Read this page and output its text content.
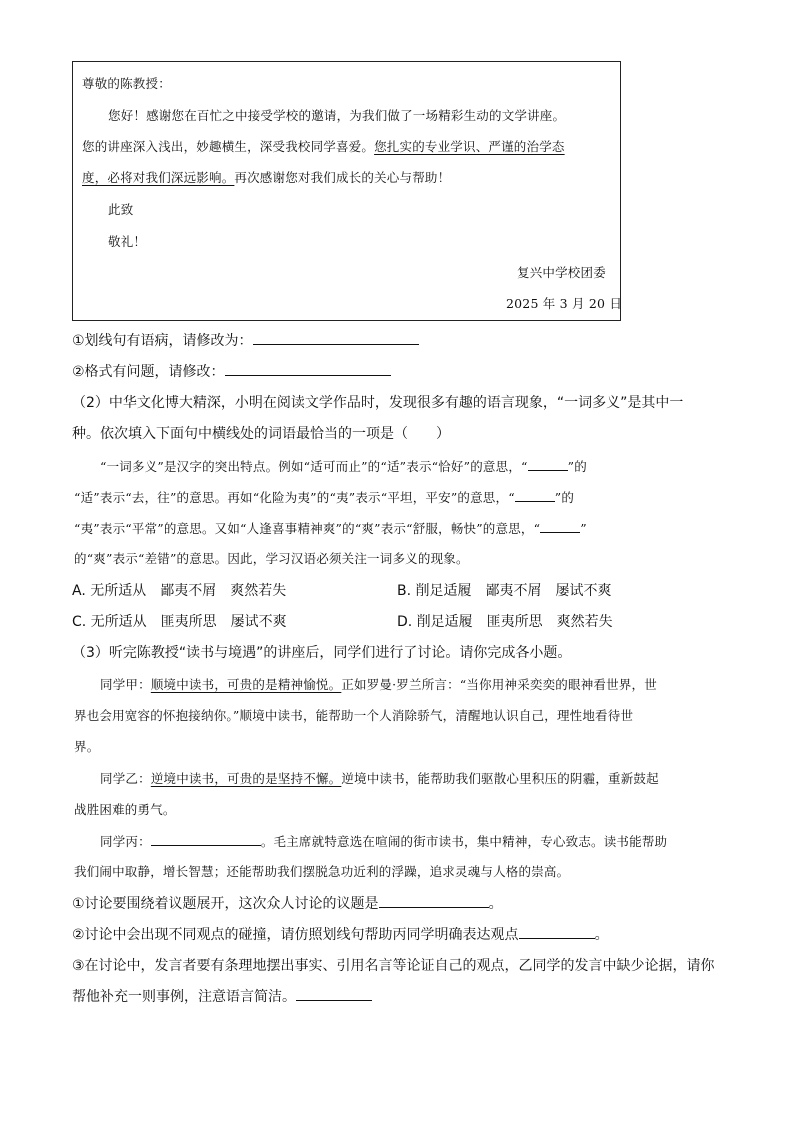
尊敬的陈教授：
您好！感谢您在百忙之中接受学校的邀请，为我们做了一场精彩生动的文学讲座。
您的讲座深入浅出，妙趣横生，深受我校同学喜爱。您扎实的专业学识、严谨的治学态
度，必将对我们深远影响。再次感谢您对我们成长的关心与帮助！
此致
敬礼！
复兴中学校团委
2025 年 3 月 20 日
①划线句有语病，请修改为：
②格式有问题，请修改：
（2）中华文化博大精深，小明在阅读文学作品时，发现很多有趣的语言现象，“一词多义”是其中一
种。依次填入下面句中横线处的词语最恰当的一项是（　　）
“一词多义”是汉字的突出特点。例如“适可而止”的“适”表示“恰好”的意思，“	”的
“适”表示“去，往”的意思。再如“化险为夷”的“夷”表示“平坦，平安”的意思，“	”的
“夷”表示“平常”的意思。又如“人逢喜事精神爽”的“爽”表示“舒服，畅快”的意思，“	”
的“爽”表示“差错”的意思。因此，学习汉语必须关注一词多义的现象。
A. 无所适从　鄙夷不屑　爽然若失	B. 削足适履　鄙夷不屑　屡试不爽
C. 无所适从　匪夷所思　屡试不爽	D. 削足适履　匪夷所思　爽然若失
（3）听完陈教授“读书与境遇”的讲座后，同学们进行了讨论。请你完成各小题。
同学甲：顺境中读书，可贵的是精神愉悦。正如罗曼·罗兰所言：“当你用神采奕奕的眼神看世界，世
界也会用宽容的怀抱接纳你。”顺境中读书，能帮助一个人消除骄气，清醒地认识自己，理性地看待世
界。
同学乙：逆境中读书，可贵的是坚持不懈。逆境中读书，能帮助我们驱散心里积压的阴霾，重新鼓起
战胜困难的勇气。
同学丙：	。毛主席就特意选在喧闹的街市读书，集中精神，专心致志。读书能帮助
我们闹中取静，增长智慧；还能帮助我们摆脱急功近利的浮躁，追求灵魂与人格的崇高。
①讨论要围绕着议题展开，这次众人讨论的议题是	。
②讨论中会出现不同观点的碰撞，请仿照划线句帮助丙同学明确表达观点	。
③在讨论中，发言者要有条理地摆出事实、引用名言等论证自己的观点，乙同学的发言中缺少论据，请你
帮他补充一则事例，注意语言简洁。
